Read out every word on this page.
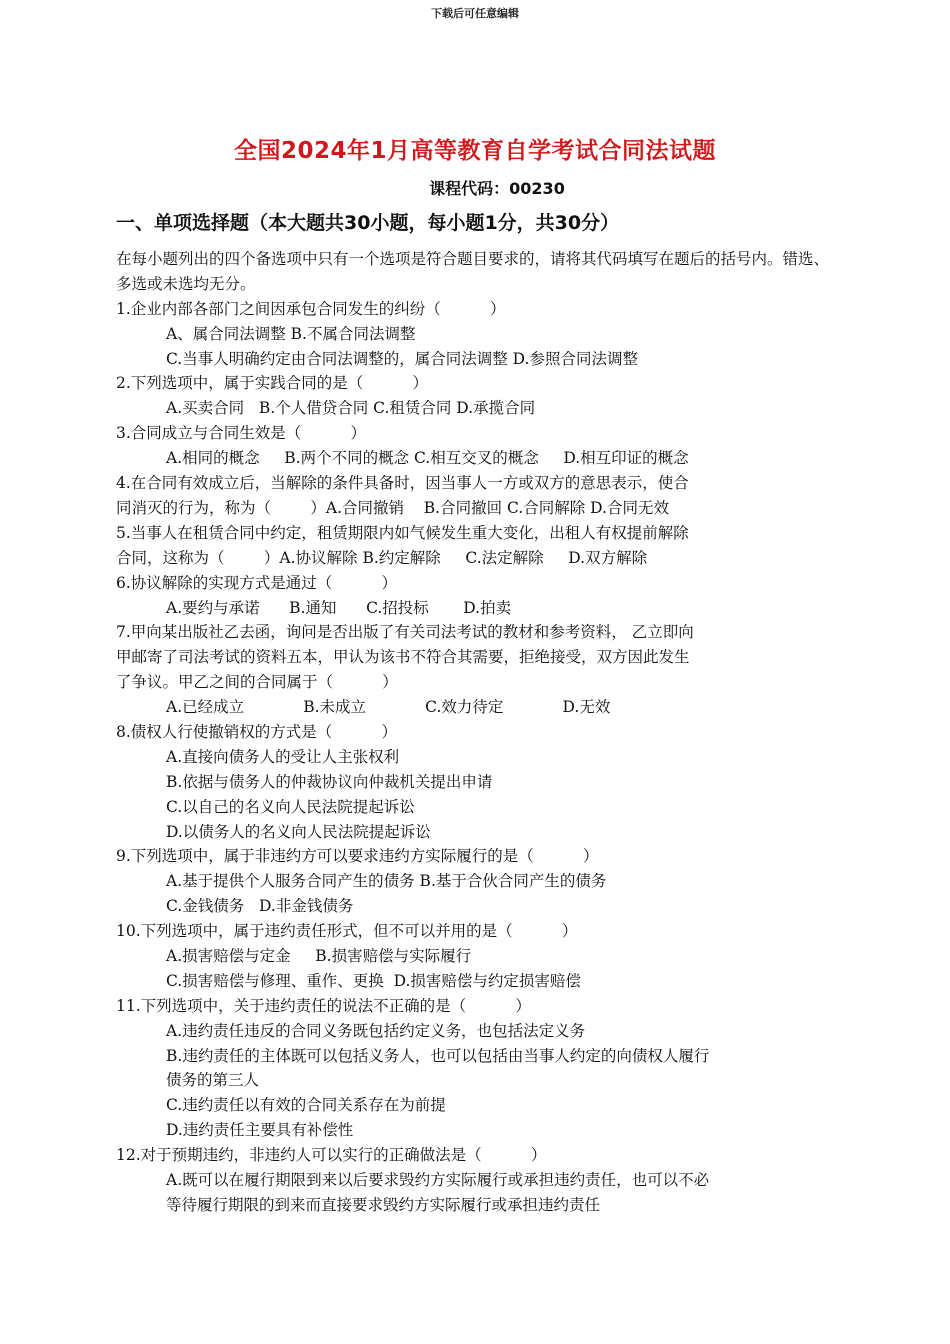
下载后可任意编辑
全国2024年1月高等教育自学考试合同法试题
课程代码：00230
一、单项选择题（本大题共30小题，每小题1分，共30分）
在每小题列出的四个备选项中只有一个选项是符合题目要求的，请将其代码填写在题后的括号内。错选、多选或未选均无分。
1.企业内部各部门之间因承包合同发生的纠纷（          ）
A、属合同法调整 B.不属合同法调整
C.当事人明确约定由合同法调整的，属合同法调整 D.参照合同法调整
2.下列选项中，属于实践合同的是（          ）
A.买卖合同   B.个人借贷合同 C.租赁合同 D.承揽合同
3.合同成立与合同生效是（          ）
A.相同的概念     B.两个不同的概念 C.相互交叉的概念     D.相互印证的概念
4.在合同有效成立后，当解除的条件具备时，因当事人一方或双方的意思表示，使合
同消灭的行为，称为（        ）A.合同撤销    B.合同撤回 C.合同解除 D.合同无效
5.当事人在租赁合同中约定，租赁期限内如气候发生重大变化，出租人有权提前解除
合同，这称为（        ）A.协议解除 B.约定解除     C.法定解除     D.双方解除
6.协议解除的实现方式是通过（          ）
A.要约与承诺      B.通知      C.招投标       D.拍卖
7.甲向某出版社乙去函，询问是否出版了有关司法考试的教材和参考资料， 乙立即向
甲邮寄了司法考试的资料五本，甲认为该书不符合其需要，拒绝接受，双方因此发生
了争议。甲乙之间的合同属于（          ）
A.已经成立            B.未成立            C.效力待定            D.无效
8.债权人行使撤销权的方式是（          ）
A.直接向债务人的受让人主张权利
B.依据与债务人的仲裁协议向仲裁机关提出申请
C.以自己的名义向人民法院提起诉讼
D.以债务人的名义向人民法院提起诉讼
9.下列选项中，属于非违约方可以要求违约方实际履行的是（          ）
A.基于提供个人服务合同产生的债务 B.基于合伙合同产生的债务
C.金钱债务   D.非金钱债务
10.下列选项中，属于违约责任形式，但不可以并用的是（          ）
A.损害赔偿与定金     B.损害赔偿与实际履行
C.损害赔偿与修理、重作、更换  D.损害赔偿与约定损害赔偿
11.下列选项中，关于违约责任的说法不正确的是（          ）
A.违约责任违反的合同义务既包括约定义务，也包括法定义务
B.违约责任的主体既可以包括义务人，也可以包括由当事人约定的向债权人履行
债务的第三人
C.违约责任以有效的合同关系存在为前提
D.违约责任主要具有补偿性
12.对于预期违约，非违约人可以实行的正确做法是（          ）
A.既可以在履行期限到来以后要求毁约方实际履行或承担违约责任，也可以不必
等待履行期限的到来而直接要求毁约方实际履行或承担违约责任
